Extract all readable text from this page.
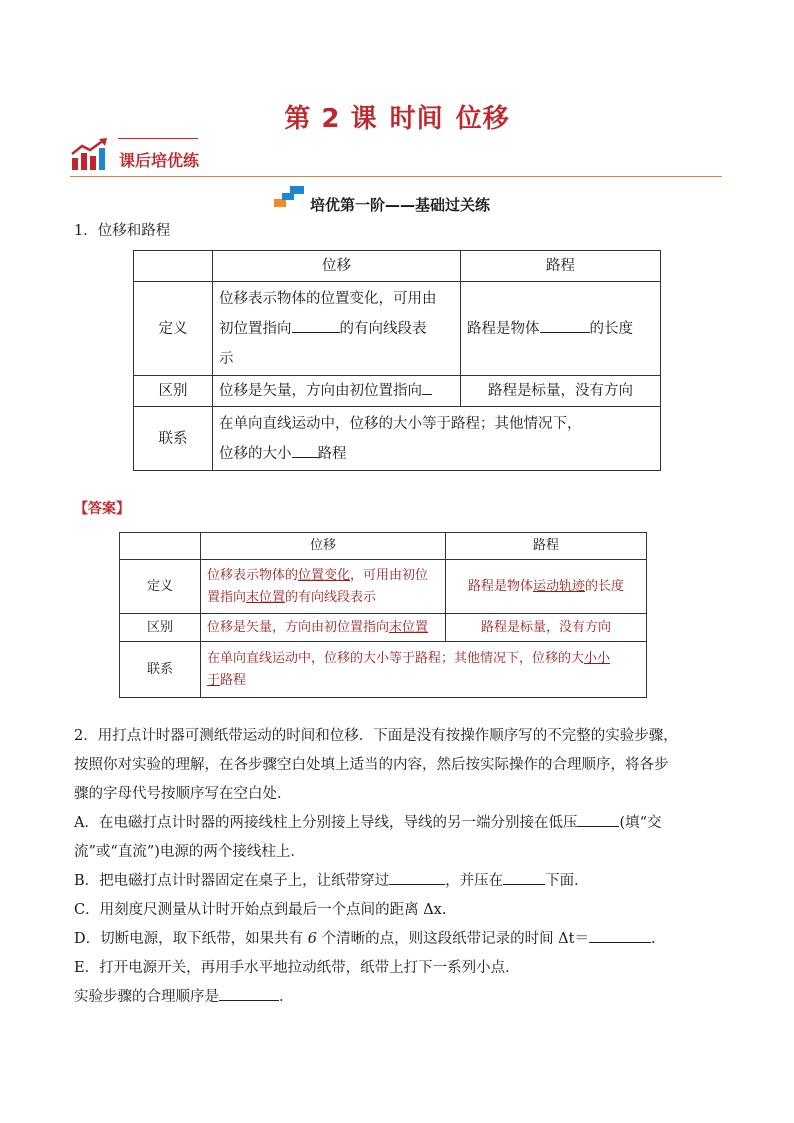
第 2 课 时间 位移
课后培优练
培优第一阶——基础过关练
1．位移和路程
	位移	路程
定义	位移表示物体的位置变化，可用由
初位置指向 的有向线段表
示	路程是物体 的长度
区别	位移是矢量，方向由初位置指向	路程是标量，没有方向
联系	在单向直线运动中，位移的大小等于路程；其他情况下，
位移的大小 路程	
【答案】
	位移	路程
定义	位移表示物体的位置变化，可用由初位
置指向末位置的有向线段表示	路程是物体运动轨迹的长度
区别	位移是矢量，方向由初位置指向末位置	路程是标量，没有方向
联系	在单向直线运动中，位移的大小等于路程；其他情况下，位移的大小小
于路程	
2．用打点计时器可测纸带运动的时间和位移．下面是没有按操作顺序写的不完整的实验步骤，
按照你对实验的理解，在各步骤空白处填上适当的内容，然后按实际操作的合理顺序，将各步
骤的字母代号按顺序写在空白处．
A．在电磁打点计时器的两接线柱上分别接上导线，导线的另一端分别接在低压	(填“交
流”或“直流”)电源的两个接线柱上．
B．把电磁打点计时器固定在桌子上，让纸带穿过	，并压在	下面．
C．用刻度尺测量从计时开始点到最后一个点间的距离 Δx.
D．切断电源，取下纸带，如果共有 6 个清晰的点，则这段纸带记录的时间 Δt＝	.
E．打开电源开关，再用手水平地拉动纸带，纸带上打下一系列小点．
实验步骤的合理顺序是	．
